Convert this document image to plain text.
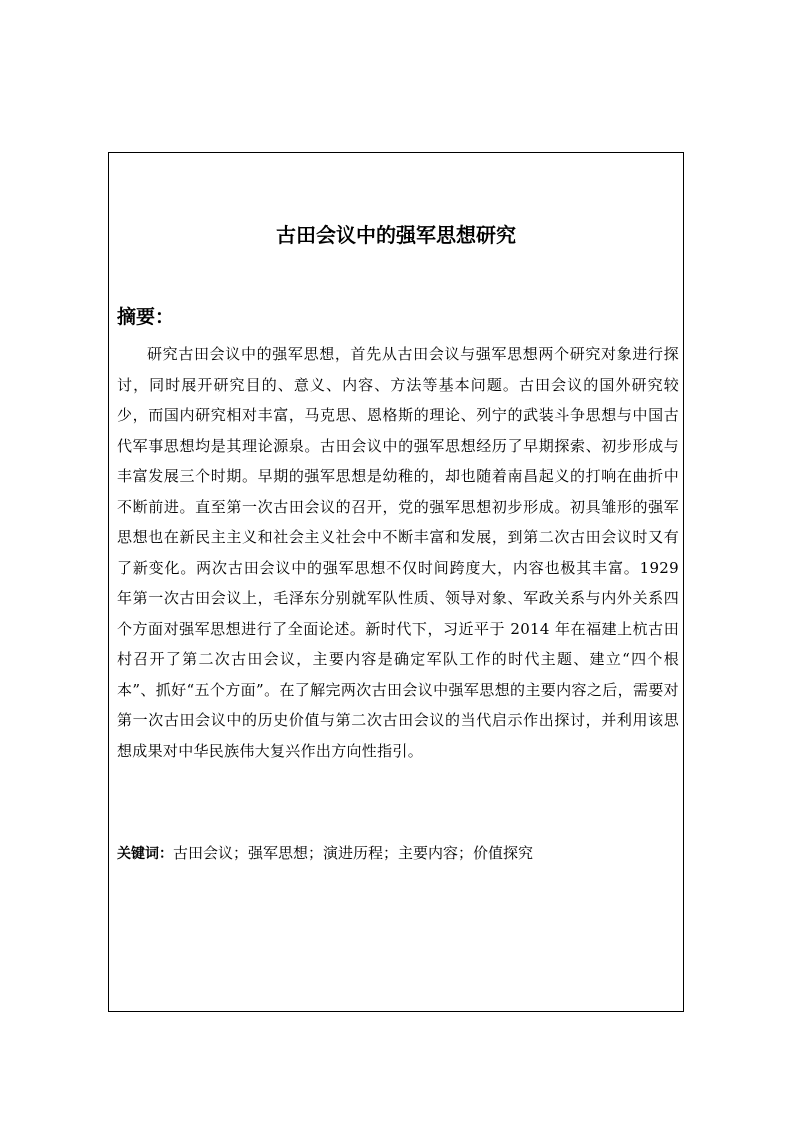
古田会议中的强军思想研究
摘要：

研究古田会议中的强军思想，首先从古田会议与强军思想两个研究对象进行探讨，同时展开研究目的、意义、内容、方法等基本问题。古田会议的国外研究较少，而国内研究相对丰富，马克思、恩格斯的理论、列宁的武装斗争思想与中国古代军事思想均是其理论源泉。古田会议中的强军思想经历了早期探索、初步形成与丰富发展三个时期。早期的强军思想是幼稚的，却也随着南昌起义的打响在曲折中不断前进。直至第一次古田会议的召开，党的强军思想初步形成。初具雏形的强军思想也在新民主主义和社会主义社会中不断丰富和发展，到第二次古田会议时又有了新变化。两次古田会议中的强军思想不仅时间跨度大，内容也极其丰富。1929 年第一次古田会议上，毛泽东分别就军队性质、领导对象、军政关系与内外关系四个方面对强军思想进行了全面论述。新时代下，习近平于 2014 年在福建上杭古田村召开了第二次古田会议，主要内容是确定军队工作的时代主题、建立“四个根本”、抓好“五个方面”。在了解完两次古田会议中强军思想的主要内容之后，需要对第一次古田会议中的历史价值与第二次古田会议的当代启示作出探讨，并利用该思想成果对中华民族伟大复兴作出方向性指引。

关键词：古田会议；强军思想；演进历程；主要内容；价值探究
